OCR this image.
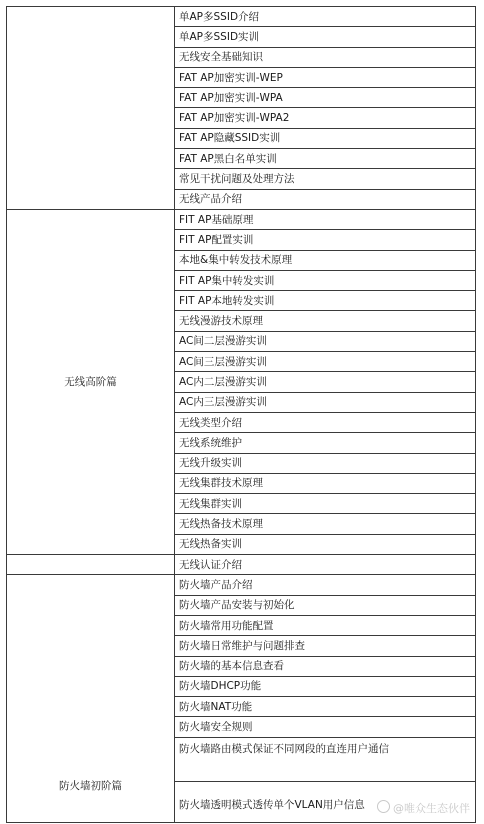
	单AP多SSID介绍
	单AP多SSID实训
	无线安全基础知识
	FAT AP加密实训-WEP
	FAT AP加密实训-WPA
	FAT AP加密实训-WPA2
	FAT AP隐藏SSID实训
	FAT AP黑白名单实训
	常见干扰问题及处理方法
	无线产品介绍
无线高阶篇	FIT AP基础原理
	FIT AP配置实训
	本地&集中转发技术原理
	FIT AP集中转发实训
	FIT AP本地转发实训
	无线漫游技术原理
	AC间二层漫游实训
	AC间三层漫游实训
	AC内二层漫游实训
	AC内三层漫游实训
	无线类型介绍
	无线系统维护
	无线升级实训
	无线集群技术原理
	无线集群实训
	无线热备技术原理
	无线热备实训
	无线认证介绍
防火墙初阶篇	防火墙产品介绍
	防火墙产品安装与初始化
	防火墙常用功能配置
	防火墙日常维护与问题排查
	防火墙的基本信息查看
	防火墙DHCP功能
	防火墙NAT功能
	防火墙安全规则
	防火墙路由模式保证不同网段的直连用户通信
	防火墙透明模式透传单个VLAN用户信息	@唯众生态伙伴
